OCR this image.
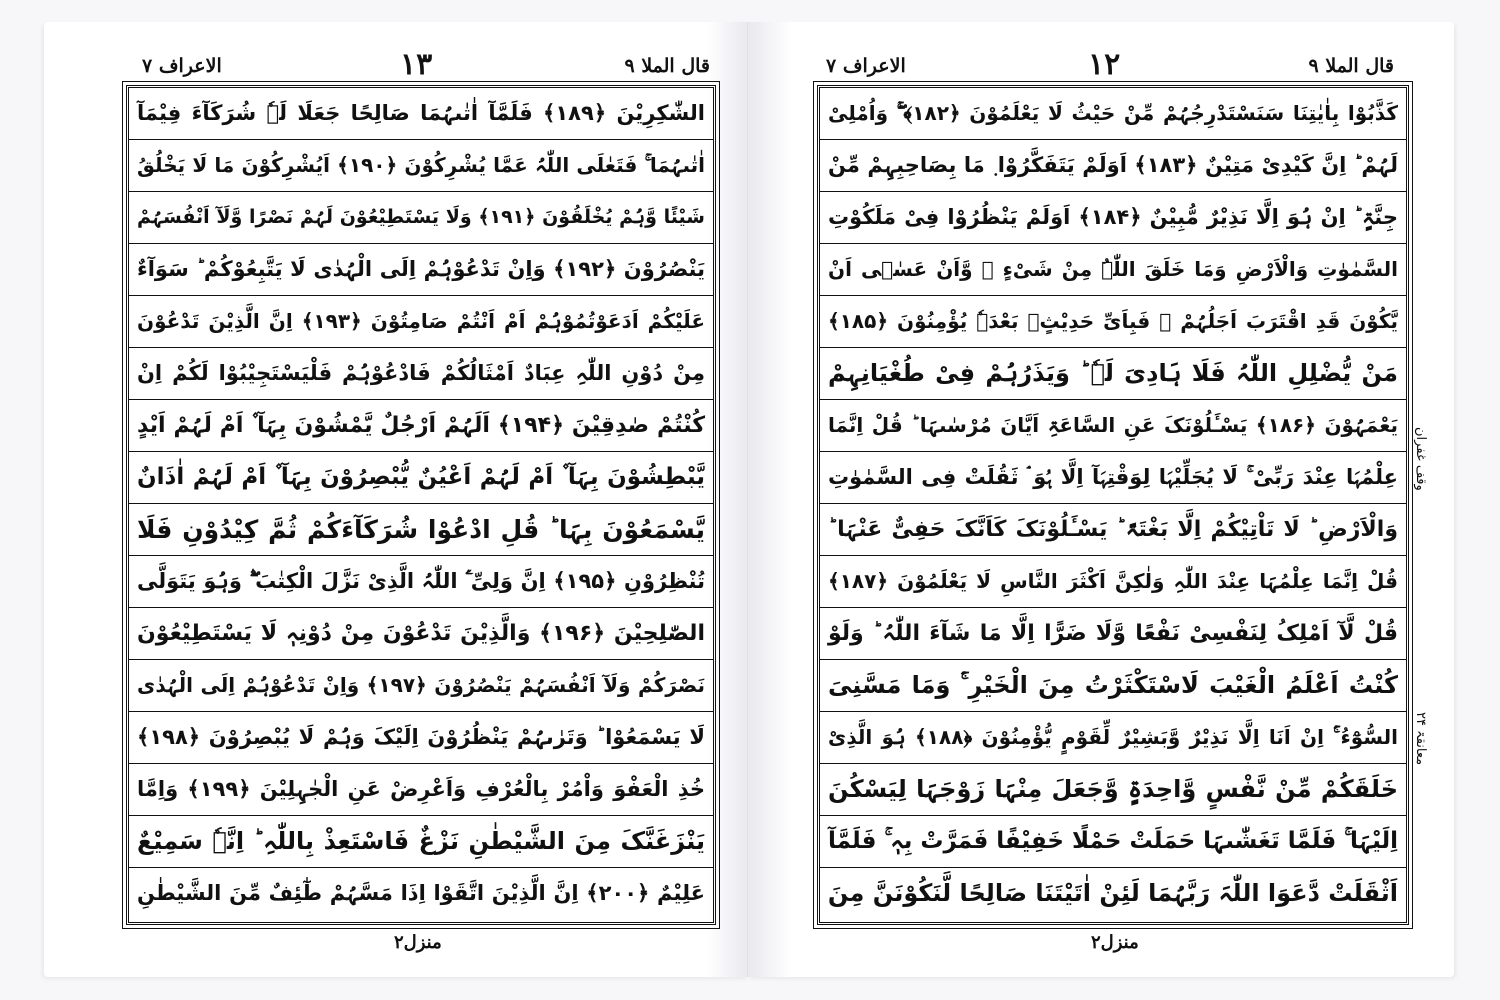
قال الملا ۹
١٣
الاعراف ۷
الشّٰکِرِیْنَ ﴿۱۸۹﴾ فَلَمَّآ اٰتٰىہُمَا صَالِحًا جَعَلَا لَہٗ شُرَکَآءَ فِیْمَآ
اٰتٰىہُمَا ۚ فَتَعٰلَی اللّٰہُ عَمَّا یُشْرِکُوْنَ ﴿۱۹۰﴾ اَیُشْرِکُوْنَ مَا لَا یَخْلُقُ
شَیْئًا وَّہُمْ یُخْلَقُوْنَ ﴿۱۹۱﴾ وَلَا یَسْتَطِیْعُوْنَ لَہُمْ نَصْرًا وَّلَآ اَنْفُسَہُمْ
یَنْصُرُوْنَ ﴿۱۹۲﴾ وَاِنْ تَدْعُوْہُمْ اِلَی الْہُدٰی لَا یَتَّبِعُوْکُمْ ؕ سَوَآءٌ
عَلَیْکُمْ اَدَعَوْتُمُوْہُمْ اَمْ اَنْتُمْ صَامِتُوْنَ ﴿۱۹۳﴾ اِنَّ الَّذِیْنَ تَدْعُوْنَ
مِنْ دُوْنِ اللّٰہِ عِبَادٌ اَمْثَالُکُمْ فَادْعُوْہُمْ فَلْیَسْتَجِیْبُوْا لَکُمْ اِنْ
کُنْتُمْ صٰدِقِیْنَ ﴿۱۹۴﴾ اَلَہُمْ اَرْجُلٌ یَّمْشُوْنَ بِہَآ ۫ اَمْ لَہُمْ اَیْدٍ
یَّبْطِشُوْنَ بِہَآ ۫ اَمْ لَہُمْ اَعْیُنٌ یُّبْصِرُوْنَ بِہَآ ۫ اَمْ لَہُمْ اٰذَانٌ
یَّسْمَعُوْنَ بِہَا ؕ قُلِ ادْعُوْا شُرَکَآءَکُمْ ثُمَّ کِیْدُوْنِ فَلَا
تُنْظِرُوْنِ ﴿۱۹۵﴾ اِنَّ وَلِیِّ َۧ اللّٰہُ الَّذِیْ نَزَّلَ الْکِتٰبَ ۫ۖ وَہُوَ یَتَوَلَّی
الصّٰلِحِیْنَ ﴿۱۹۶﴾ وَالَّذِیْنَ تَدْعُوْنَ مِنْ دُوْنِہٖ لَا یَسْتَطِیْعُوْنَ
نَصْرَکُمْ وَلَآ اَنْفُسَہُمْ یَنْصُرُوْنَ ﴿۱۹۷﴾ وَاِنْ تَدْعُوْہُمْ اِلَی الْہُدٰی
لَا یَسْمَعُوْا ؕ وَتَرٰىہُمْ یَنْظُرُوْنَ اِلَیْکَ وَہُمْ لَا یُبْصِرُوْنَ ﴿۱۹۸﴾
خُذِ الْعَفْوَ وَاْمُرْ بِالْعُرْفِ وَاَعْرِضْ عَنِ الْجٰہِلِیْنَ ﴿۱۹۹﴾ وَاِمَّا
یَنْزَغَنَّکَ مِنَ الشَّیْطٰنِ نَزْغٌ فَاسْتَعِذْ بِاللّٰہِ ؕ اِنَّہٗ سَمِیْعٌ
عَلِیْمٌ ﴿۲۰۰﴾ اِنَّ الَّذِیْنَ اتَّقَوْا اِذَا مَسَّہُمْ طٰٓئِفٌ مِّنَ الشَّیْطٰنِ
منزل۲
قال الملا ۹
١٢
الاعراف ۷
کَذَّبُوْا بِاٰیٰتِنَا سَنَسْتَدْرِجُہُمْ مِّنْ حَیْثُ لَا یَعْلَمُوْنَ ﴿۱۸۲﴾ ۚۖ وَاُمْلِیْ
لَہُمْ ؕ اِنَّ کَیْدِیْ مَتِیْنٌ ﴿۱۸۳﴾ اَوَلَمْ یَتَفَکَّرُوْا ٜ مَا بِصَاحِبِہِمْ مِّنْ
جِنَّۃٍ ؕ اِنْ ہُوَ اِلَّا نَذِیْرٌ مُّبِیْنٌ ﴿۱۸۴﴾ اَوَلَمْ یَنْظُرُوْا فِیْ مَلَکُوْتِ
السَّمٰوٰتِ وَالْاَرْضِ وَمَا خَلَقَ اللّٰہُ مِنْ شَیْءٍ ۙ وَّاَنْ عَسٰۤی اَنْ
یَّکُوْنَ قَدِ اقْتَرَبَ اَجَلُہُمْ ۚ فَبِاَیِّ حَدِیْثٍۭ بَعْدَہٗ یُؤْمِنُوْنَ ﴿۱۸۵﴾
مَنْ یُّضْلِلِ اللّٰہُ فَلَا ہَادِیَ لَہٗ ؕ وَیَذَرُہُمْ فِیْ طُغْیَانِہِمْ
یَعْمَہُوْنَ ﴿۱۸۶﴾ یَسْـَٔلُوْنَکَ عَنِ السَّاعَۃِ اَیَّانَ مُرْسٰىہَا ؕ قُلْ اِنَّمَا
عِلْمُہَا عِنْدَ رَبِّیْ ۚ لَا یُجَلِّیْہَا لِوَقْتِہَآ اِلَّا ہُوَ ۘ ثَقُلَتْ فِی السَّمٰوٰتِ
وَالْاَرْضِ ؕ لَا تَاْتِیْکُمْ اِلَّا بَغْتَۃً ؕ یَسْـَٔلُوْنَکَ کَاَنَّکَ حَفِیٌّ عَنْہَا ؕ
قُلْ اِنَّمَا عِلْمُہَا عِنْدَ اللّٰہِ وَلٰکِنَّ اَکْثَرَ النَّاسِ لَا یَعْلَمُوْنَ ﴿۱۸۷﴾
قُلْ لَّآ اَمْلِکُ لِنَفْسِیْ نَفْعًا وَّلَا ضَرًّا اِلَّا مَا شَآءَ اللّٰہُ ؕ وَلَوْ
کُنْتُ اَعْلَمُ الْغَیْبَ لَاسْتَکْثَرْتُ مِنَ الْخَیْرِ ۚۛ وَمَا مَسَّنِیَ
السُّوْٓءُ ۚۛ اِنْ اَنَا اِلَّا نَذِیْرٌ وَّبَشِیْرٌ لِّقَوْمٍ یُّؤْمِنُوْنَ ﴿۱۸۸﴾ ہُوَ الَّذِیْ
خَلَقَکُمْ مِّنْ نَّفْسٍ وَّاحِدَۃٍ وَّجَعَلَ مِنْہَا زَوْجَہَا لِیَسْکُنَ
اِلَیْہَا ۚ فَلَمَّا تَغَشّٰىہَا حَمَلَتْ حَمْلًا خَفِیْفًا فَمَرَّتْ بِہٖ ۚ فَلَمَّآ
اَثْقَلَتْ دَّعَوَا اللّٰہَ رَبَّہُمَا لَئِنْ اٰتَیْتَنَا صَالِحًا لَّنَکُوْنَنَّ مِنَ
منزل۲
وقف غفران
معانقۃ ۲۴
